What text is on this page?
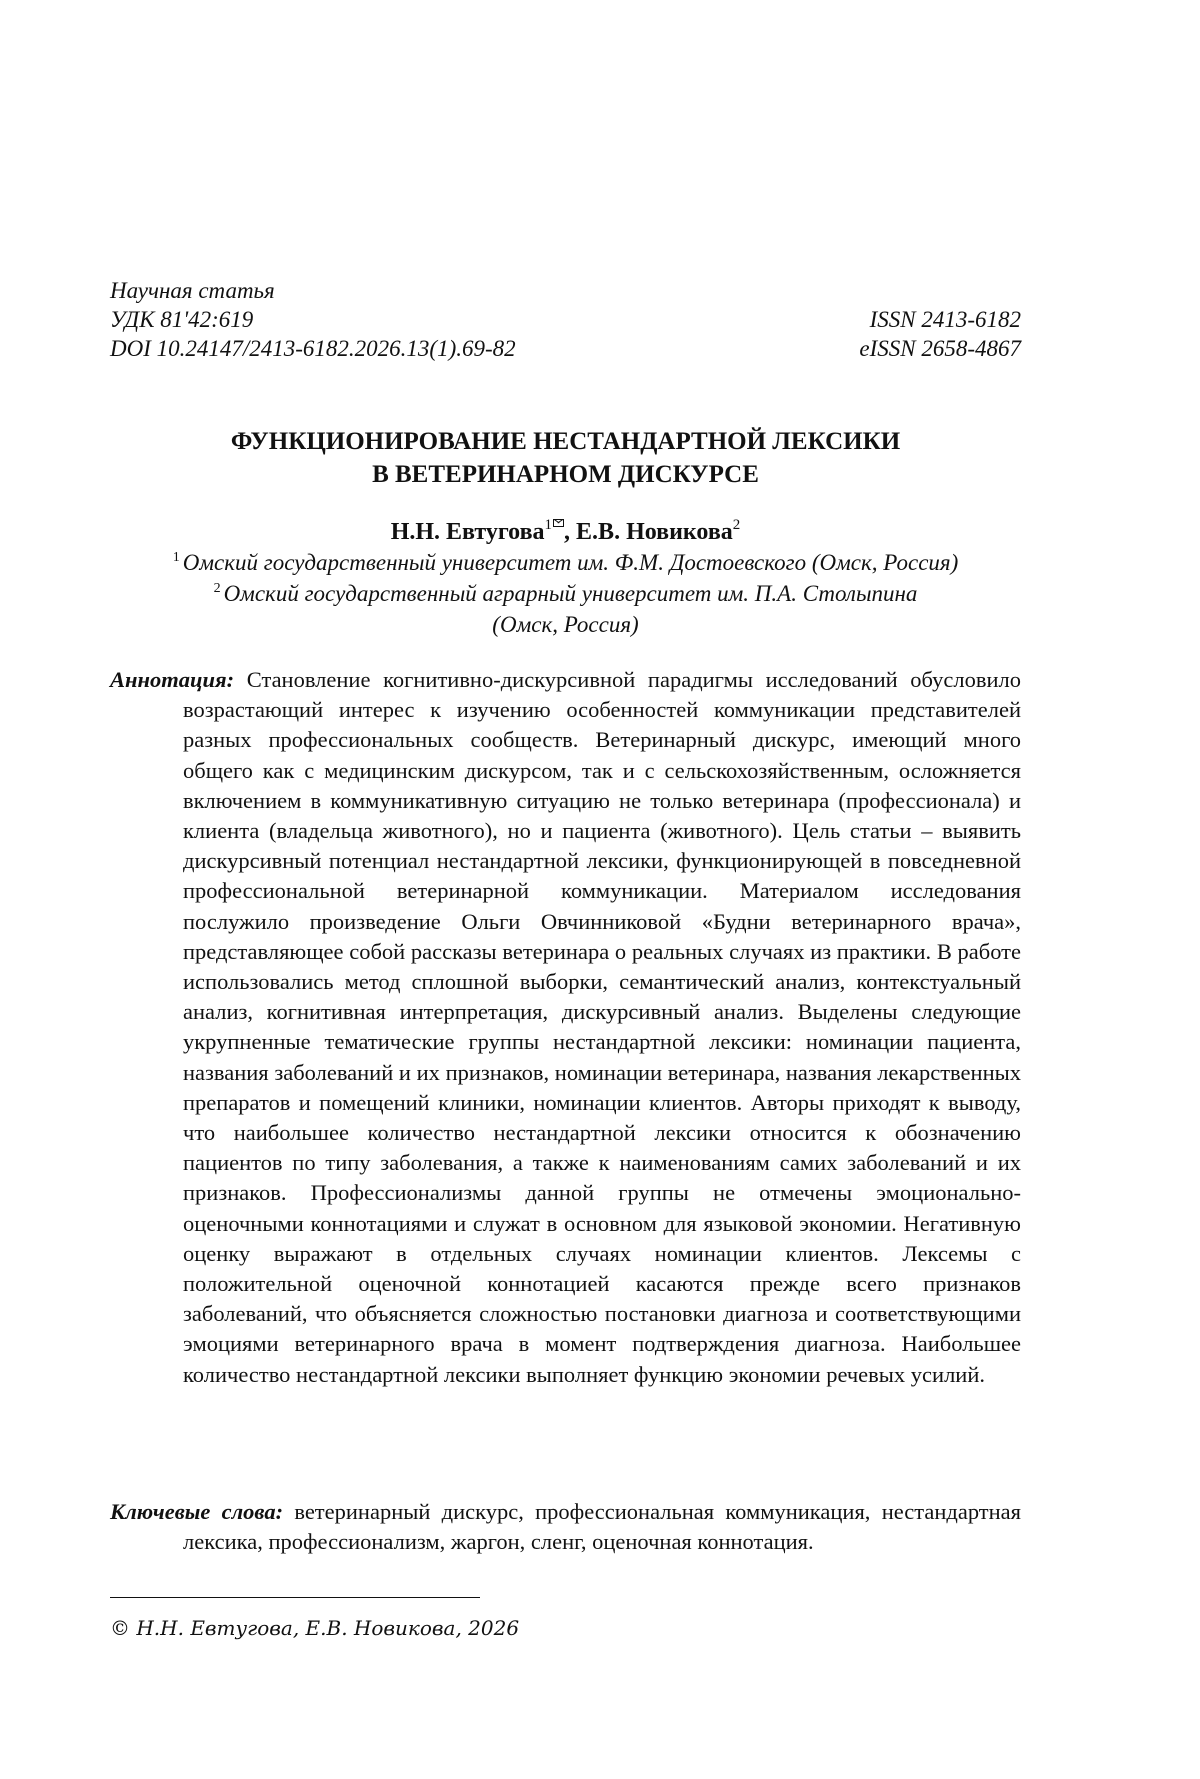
Научная статья
УДК 81'42:619	ISSN 2413-6182
DOI 10.24147/2413-6182.2026.13(1).69-82	eISSN 2658-4867
ФУНКЦИОНИРОВАНИЕ НЕСТАНДАРТНОЙ ЛЕКСИКИ
В ВЕТЕРИНАРНОМ ДИСКУРСЕ
Н.Н. Евтугова$^1$ , Е.В. Новикова$^2$
$^1$ Омский государственный университет им. Ф.М. Достоевского (Омск, Россия)
$^2$ Омский государственный аграрный университет им. П.А. Столыпина
(Омск, Россия)
Аннотация: Становление когнитивно-дискурсивной парадигмы исследований обусловило возрастающий интерес к изучению особенностей коммуникации представителей разных профессиональных сообществ. Ветеринарный дискурс, имеющий много общего как с медицинским дискурсом, так и с сельскохозяйственным, осложняется включением в коммуникативную ситуацию не только ветеринара (профессионала) и клиента (владельца животного), но и пациента (животного). Цель статьи – выявить дискурсивный потенциал нестандартной лексики, функционирующей в повседневной профессиональной ветеринарной коммуникации. Материалом исследования послужило произведение Ольги Овчинниковой «Будни ветеринарного врача», представляющее собой рассказы ветеринара о реальных случаях из практики. В работе использовались метод сплошной выборки, семантический анализ, контекстуальный анализ, когнитивная интерпретация, дискурсивный анализ. Выделены следующие укрупненные тематические группы нестандартной лексики: номинации пациента, названия заболеваний и их признаков, номинации ветеринара, названия лекарственных препаратов и помещений клиники, номинации клиентов. Авторы приходят к выводу, что наибольшее количество нестандартной лексики относится к обозначению пациентов по типу заболевания, а также к наименованиям самих заболеваний и их признаков. Профессионализмы данной группы не отмечены эмоционально-оценочными коннотациями и служат в основном для языковой экономии. Негативную оценку выражают в отдельных случаях номинации клиентов. Лексемы с положительной оценочной коннотацией касаются прежде всего признаков заболеваний, что объясняется сложностью постановки диагноза и соответствующими эмоциями ветеринарного врача в момент подтверждения диагноза. Наибольшее количество нестандартной лексики выполняет функцию экономии речевых усилий.
Ключевые слова: ветеринарный дискурс, профессиональная коммуникация, нестандартная лексика, профессионализм, жаргон, сленг, оценочная коннотация.
© Н.Н. Евтугова, Е.В. Новикова, 2026
